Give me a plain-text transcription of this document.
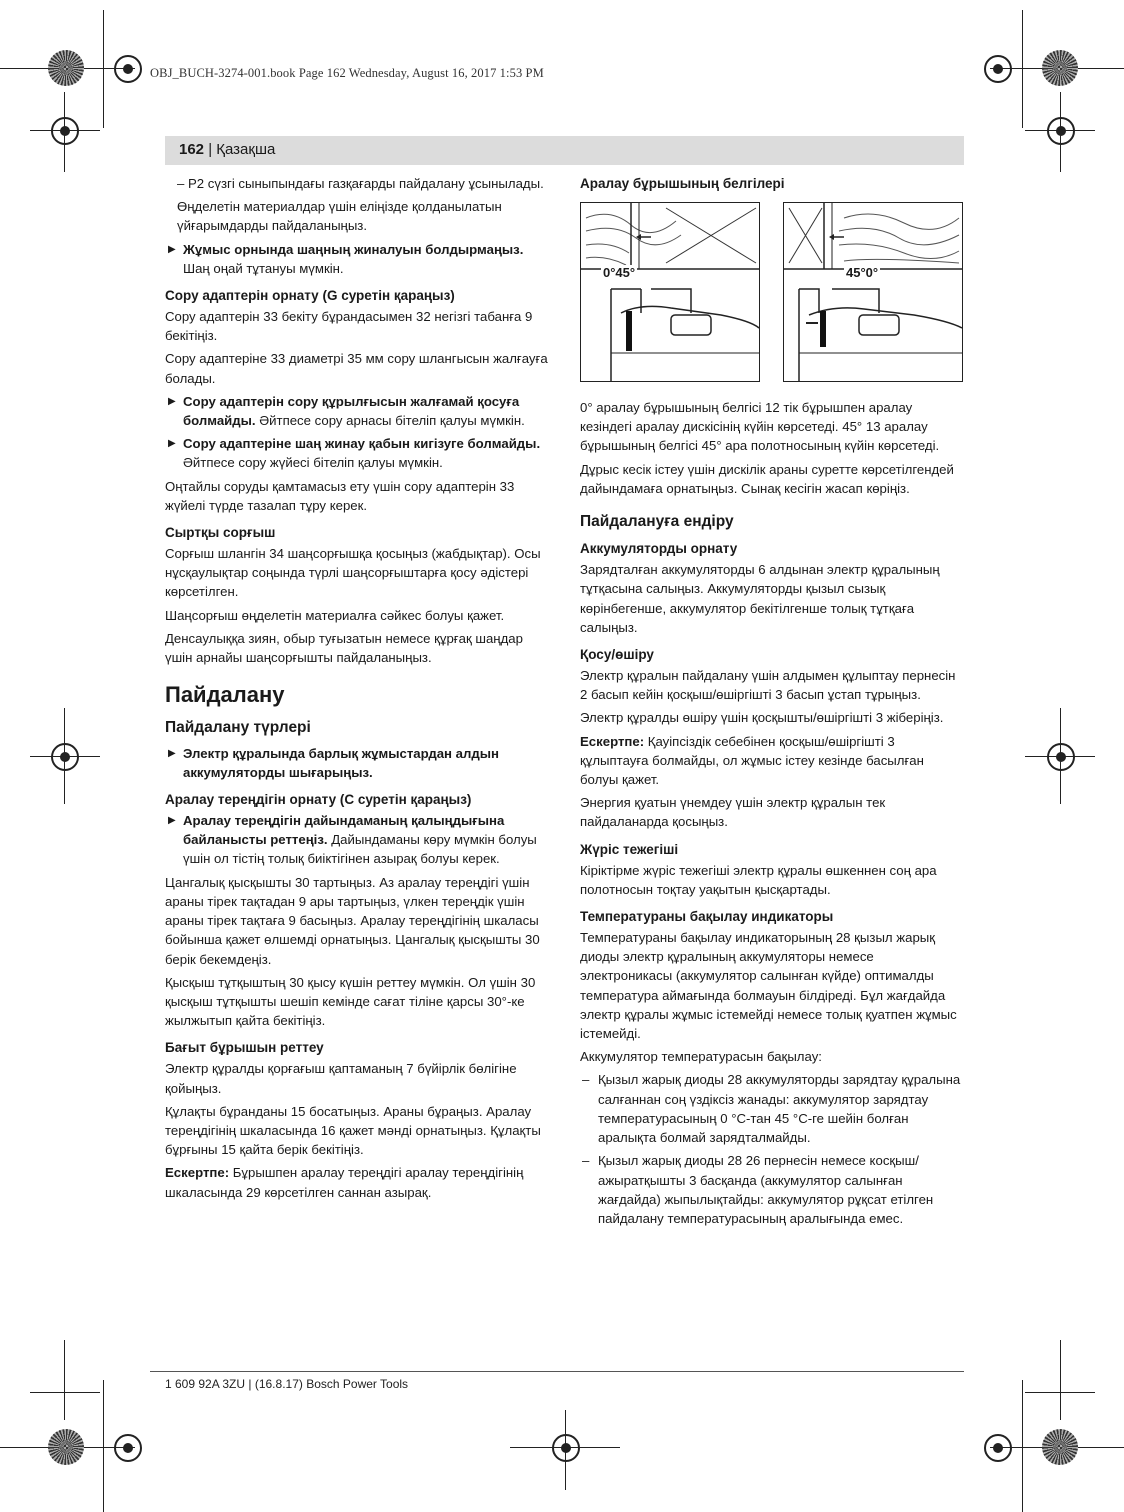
OBJ_BUCH-3274-001.book Page 162 Wednesday, August 16, 2017 1:53 PM
162 | Қазақша

– P2 сүзгі сыныпындағы газқағарды пайдалану ұсынылады.

Өңделетін материалдар үшін еліңізде қолданылатын үйғарымдарды пайдаланыңыз.

▶ Жұмыс орнында шаңның жиналуын болдырмаңыз.
Шаң оңай тұтануы мүмкін.

Сору адаптерін орнату (G суретін қараңыз)

Сору адаптерін 33 бекіту бұрандасымен 32 негізгі табанға 9 бекітіңіз.

Сору адаптеріне 33 диаметрі 35 мм сору шлангысын жалғауға болады.

▶ Сору адаптерін сору құрылғысын жалғамай қосуға болмайды. Әйтпесе сору арнасы бітеліп қалуы мүмкін.

▶ Сору адаптеріне шаң жинау қабын кигізуге болмайды. Әйтпесе сору жүйесі бітеліп қалуы мүмкін.

Оңтайлы соруды қамтамасыз ету үшін сору адаптерін 33 жүйелі түрде тазалап тұру керек.

Сыртқы сорғыш

Сорғыш шлангін 34 шаңсорғышқа қосыңыз (жабдықтар). Осы нұсқаулықтар соңында түрлі шаңсорғыштарға қосу әдістері көрсетілген.

Шаңсорғыш өңделетін материалға сәйкес болуы қажет.

Денсаулыққа зиян, обыр туғызатын немесе құрғақ шаңдар үшін арнайы шаңсорғышты пайдаланыңыз.

Пайдалану
Пайдалану түрлері

▶ Электр құралында барлық жұмыстардан алдын аккумуляторды шығарыңыз.

Аралау тереңдігін орнату (C суретін қараңыз)

▶ Аралау тереңдігін дайындаманың қалыңдығына байланысты реттеңіз. Дайындаманы көру мүмкін болуы үшін ол тістің толық биіктігінен азырақ болуы керек.

Цангалық қысқышты 30 тартыңыз. Аз аралау тереңдігі үшін араны тірек тақтадан 9 ары тартыңыз, үлкен тереңдік үшін араны тірек тақтаға 9 басыңыз. Аралау тереңдігінің шкаласы бойынша қажет өлшемді орнатыңыз. Цангалық қысқышты 30 берік бекемдеңіз.

Қысқыш тұтқыштың 30 қысу күшін реттеу мүмкін. Ол үшін 30 қысқыш тұтқышты шешіп кемінде сағат тіліне қарсы 30°-ке жылжытып қайта бекітіңіз.

Бағыт бұрышын реттеу

Электр құралды қорғағыш қаптаманың 7 бүйірлік бөлігіне қойыңыз.

Құлақты бұранданы 15 босатыңыз. Араны бұраңыз. Аралау тереңдігінің шкаласында 16 қажет мәнді орнатыңыз. Құлақты бұрғыны 15 қайта берік бекітіңіз.

Ескертпе: Бұрышпен аралау тереңдігі аралау тереңдігінің шкаласында 29 көрсетілген саннан азырақ.

Аралау бұрышының белгілері
0°45°	45°0°

0° аралау бұрышының белгісі 12 тік бұрышпен аралау кезіндегі аралау дискісінің күйін көрсетеді. 45° 13 аралау бұрышының белгісі 45° ара полотносының күйін көрсетеді.

Дұрыс кесік істеу үшін дискілік араны суретте көрсетілгендей дайындамаға орнатыңыз. Сынақ кесігін жасап көріңіз.

Пайдалануға ендіру
Аккумуляторды орнату

Зарядталған аккумуляторды 6 алдынан электр құралының тұтқасына салыңыз. Аккумуляторды қызыл сызық көрінбегенше, аккумулятор бекітілгенше толық тұтқаға салыңыз.

Қосу/өшіру

Электр құралын пайдалану үшін алдымен құлыптау пернесін 2 басып кейін қосқыш/өшіргішті 3 басып ұстап тұрыңыз.

Электр құралды өшіру үшін қосқышты/өшіргішті 3 жіберіңіз.

Ескертпе: Қауіпсіздік себебінен қосқыш/өшіргішті 3 құлыптауға болмайды, ол жұмыс істеу кезінде басылған болуы қажет.

Энергия қуатын үнемдеу үшін электр құралын тек пайдаланарда қосыңыз.

Жүріс тежегіші

Кіріктірме жүріс тежегіші электр құралы өшкеннен соң ара полотносын тоқтау уақытын қысқартады.

Температураны бақылау индикаторы

Температураны бақылау индикаторының 28 қызыл жарық диоды электр құралының аккумуляторы немесе электроникасы (аккумулятор салынған күйде) оптималды температура аймағында болмауын білдіреді. Бұл жағдайда электр құралы жұмыс істемейді немесе толық қуатпен жұмыс істемейді.

Аккумулятор температурасын бақылау:

– Қызыл жарық диоды 28 аккумуляторды зарядтау құралына салғаннан соң үздіксіз жанады: аккумулятор зарядтау температурасының 0 °C-тан 45 °C-ге шейін болған аралықта болмай зарядталмайды.

– Қызыл жарық диоды 28 26 пернесін немесе косқыш/ажыратқышты 3 басқанда (аккумулятор салынған жағдайда) жыпылықтайды: аккумулятор рұқсат етілген пайдалану температурасының аралығында емес.

1 609 92A 3ZU | (16.8.17) Bosch Power Tools
